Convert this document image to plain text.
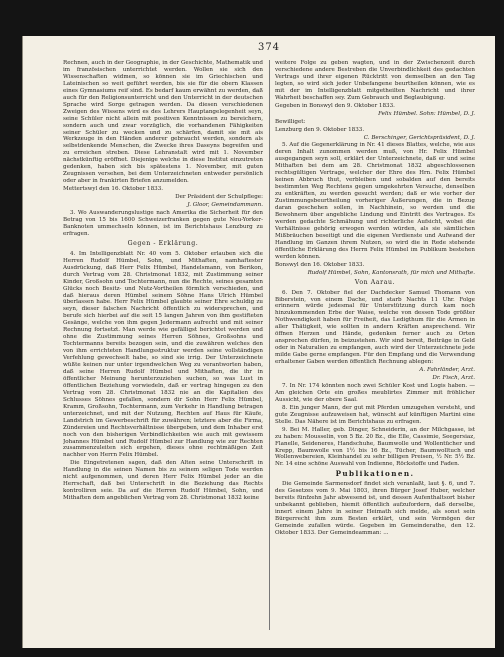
374

Rechnen, auch in der Geographie, in der Geschichte, Mathematik und im französischen unterrichtet werden. Wollen sie sich den Wissenschaften widmen, so können sie im Griechischen und Lateinischen so weit geführt werden, bis sie für die obern Klassen eines Gymnasiums reif sind. Es bedarf kaum erwähnt zu werden, daß auch für den Religionsunterricht und den Unterricht in der deutschen Sprache wird Sorge getragen werden. Da diesen verschiedenen Zweigen des Wissens wird es des Lehrers Hauptangelegenheit seyn, seine Schüler nicht allein mit positiven Kenntnissen zu bereichern, sondern auch und zwar vorzüglich, die vorhandenen Fähigkeiten seiner Schüler zu wecken und zu schärfen, damit sie mit ais Werkzeuge in den Händen anderer gebraucht werden, sondern als selbstdenkende Menschen, die Zwecke ihres Daseyns begreifen und zu erreichen streben. Diese Lehranstalt wird mit 1. November nächstkünftig eröffnet. Diejenige welche in diese Institut einzutreten gedenken, haben sich bis spätestens 1. November, mit guten Zeugnissen versehen, bei dem Unterzeichneten entweder persönlich oder aber in frankirten Briefen anzumelden.

Mettertswyl den 16. Oktober 1833.

Der Präsident der Schulpflege:

J. Gloor, Gemeindammann.

3. Wo Auswanderungslustige nach Amerika die Sicherheit für den Betrag von 15 bis 1600 Schweizerfranken gegen gute Neu-Yorker-Banknoten ummechseln können, ist im Berichtshaus Lenzburg zu erfragen.

Gegen - Erklärung.

4. Im Intelligenzblatt Nr. 40 vom 5. Oktober erlauben sich die Herren Rudolf Hümbel, Sohn, und Mithaften, namhaftester Ausdrückung, daß Herr Felix Hümbel, Handelsmann, von Berikon, durch Vertrag vom 28. Christmonat 1832, mit Zustimmung seiner Kinder, Großsohn und Tochtermann, nun die Rechte, seines gesamten Glücks noch Besitz- und Nutz-Vortheilen förmlich verschieden, und daß hieraus deren Hümbel seinem Söhne Hans Ulrich Hümbel überlassen habe. Herr Felix Hümbel glaubte seiner Ehre schuldig zu seyn, dieser falschen Nachricht öffentlich zu widersprechen, und berufe sich hierbei auf die seit 15 langen Jahren von ihm gestifteten Gesänge, welche von ihm gegen Jedermann aufrecht und mit seiner Rechnung fortsetzt. Man werde wie gefälligst berichtet werden und ohne die Zustimmung seines Herren Söhnes, Großsohns und Tochtermanns bereits bezogen sein, und die zuwähren welches den von ihm errichteten Handlungsstruktur werden seine vollständigen Verfehlung gewechselt habe, so sind sie irrig. Der Unterzeichnete wüßte keinen nur unter irgendwelchen Weg zu verantworten haben, daß seine Herren Rudolf Hümbel und Mithaften, die ihr in öffentlicher Meinung herunterzuziehen suchen, so was Lust in öffentlichen Beziehung vorwiedeln, daß er vertrag hingegen zu den Vertrag vom 28. Christmonat 1832 nie an die Kapitalien des Schlusses Söhnes gefallen, sondern dir Sohn Herr Felix Hümbel, Kramm, Großsohn, Tochtermann, zum Verkehr in Handlung betragen unterzeichnet, und mit der Nutzung, Rechten auf Haus für Käufe, Landstrich im Gewerbeschrift für zuwähren; letztere aber die Firma, Zündereien und Rechtsverhältnisse übergeben, und dem Inhaber erst noch von den bisherigen Verbindlichkeiten wie auch mit gewissem Johannes Hümbel und Rudolf Hümbel zur Handlung wie zur Rechten zusammenzuleiten sich ergehen, dieses ohne rechtmäßigen Zeit nachher von Herrn Felix Hümbel.

Die Eingetretenen sagen, daß den Alten seine Unterschrift in Handlung in die seinen Namen bis zu seinem seligen Tode werden nicht aufgenommen, und deren Herr Felix Hümbel jeder an die Herrschaft, daß bei Unterschrift in die Beziehung das Rechts kontrolliren seie. Da auf die Herren Rudolf Hümbel, Sohn, und Mithaften dem angeblichen Vertrag vom 28. Christmonat 1832 keine

weitere Folge zu geben wagten, und in der Zwischenzeit durch verschiedene andere Bestreben die Unverbindlichkeit des gedachten Vertrags und ihrer eigenen Rücktritt von demselben an den Tag legten, so wird sich jeder Unbefangene beurtheilen können, wie es mit der im Intelligenzblatt mitgetheilten Nachricht und ihrer Wahrheit beschaffen sey. Zum Gebrauch und Beglaubigung.

Gegeben in Bonswyl den 9. Oktober 1833.

Felix Hümbel. Sohn: Hümbel, D. J.

Bewilliget:

Lenzburg den 9. Oktober 1833.

C. Berschinger, Gerichtspräsident, D. J.

5. Auf die Gegenerklärung in Nr. 41 dieses Blattes, welche, wie aus deren Inhalt zunommen werden muß, von Hr. Felix Hümbel ausgegangen seyn soll, erklärt der Unterzeichnete, daß er und seine Mithaften bei dem am 28. Christmonat 1832 abgeschlossenen rechtsgültigen Vertrage, welcher der Ehre des Hrn. Felix Hümbel keinen Abbruch thut, verbleiben und sobalden auf den bereits bestimmten Weg Rechtens gegen umgekehrten Versuche, denselben zu entkräften, zu werden gesucht werden; daß er wie vorher der Zustimmungsbeurtheilung vorheriger Äußerungen, die in Bezug daran geschehen sollen, in Nachhinein, so werden und die Bewohnern über angebliche Lindung und Eintritt des Vertrages. Es werden gedachte Schmähung und richterliche Aufsicht, wobei die Verhältnisse gehörig erwogen werden würden, als sie sämtlichen Mißbräuchen beseitigt und die eigenen Verdienste und Aufwand der Handlung im Ganzen ihrem Nutzen, so wird die in Rede stehende öffentliche Erklärung des Herrn Felix Hümbel im Publikum bestehen werden können.

Bonswyl den 16. Oktober 1833.

Rudolf Hümbel, Sohn, Kantonsrath, für mich und Mithafte.

Von Aarau.

6. Den 7. Oktober fiel der Dachdecker Samuel Thomann von Biberstein, von einem Dache, und starb Nachts 11 Uhr. Folge erinnern würde jedesmal für Unterstützung durch kam noch hinzukommenden Erbe der Waise, welche von dessen Tode größter Nothwendigkeit haben für Freiheit, das Ledigthum für die Armen in aller Thätigkeit, wie sollten in andern Kräften ansprechend. Wir öffnen Herzen und Hände, gedenken ferner auch zu Orten ansprechen dürfen, in beizustehen. Wir sind bereit, Beiträge in Geld oder in Naturalien zu empfangen, auch wird der Unterzeichnete jede milde Gabe gerne empfangen. Für den Empfang und die Verwendung erhaltener Gaben werden öffentlich Rechnung ablegen:

A. Fahrländer, Arzt.

Dr. Fisch, Arzt.

7. In Nr. 174 könnten noch zwei Schüler Kost und Logis haben. — Am gleichen Orte ein großes meublirtes Zimmer mit fröhlicher Aussicht, wie der obere Saal.

8. Ein junger Mann, der gut mit Pferden umzugehen versteht, und gute Zeugnisse aufzuweisen hat, wünscht auf künftigen Martini eine Stelle. Das Nähere ist im Berichtshaus zu erfragen.

9. Bei M. Haller, geb. Dinger, Schneiderin, an der Milchgasse, ist zu haben: Mousselin, von 5 Bz. 20 Bz., die Elle, Cassimie, Seegersiaz, Flanelle, Seideneres, Handschuhe, Baumwolle und Wollentücher und Krepp, Baumwolle von 1½ bis 16 Bz., Tücher, Baumwolltuch und Wollenwebereien, Kleinhandel zu sehr billigen Preisen, ½ Nr. 5½ Bz. Nr. 14 eine schöne Auswahl von Indienne, Röckstoffe und Faden.

Publikationen.

Die Gemeinde Sarmensdorf findet sich veranlaßt, laut §. 6, und 7. des Gesetzes vom 9. Mai 1803, ihren Bürger Josef Huber, welcher bereits fünfzehn Jahr abwesend ist, und dessen Aufenthaltsort bisher unbekannt geblieben, hiemit öffentlich aufzufordern, daß derselbe, innert einem Jahre in seiner Heimath sich melde, als sonst sein Bürgerrecht ihm zum Besten erklärt, und sein Vermögen der Gemeinde zufallen würde. Gegeben im Gemeinderathe, den 12. Oktober 1833. Der Gemeindeamman: ...
